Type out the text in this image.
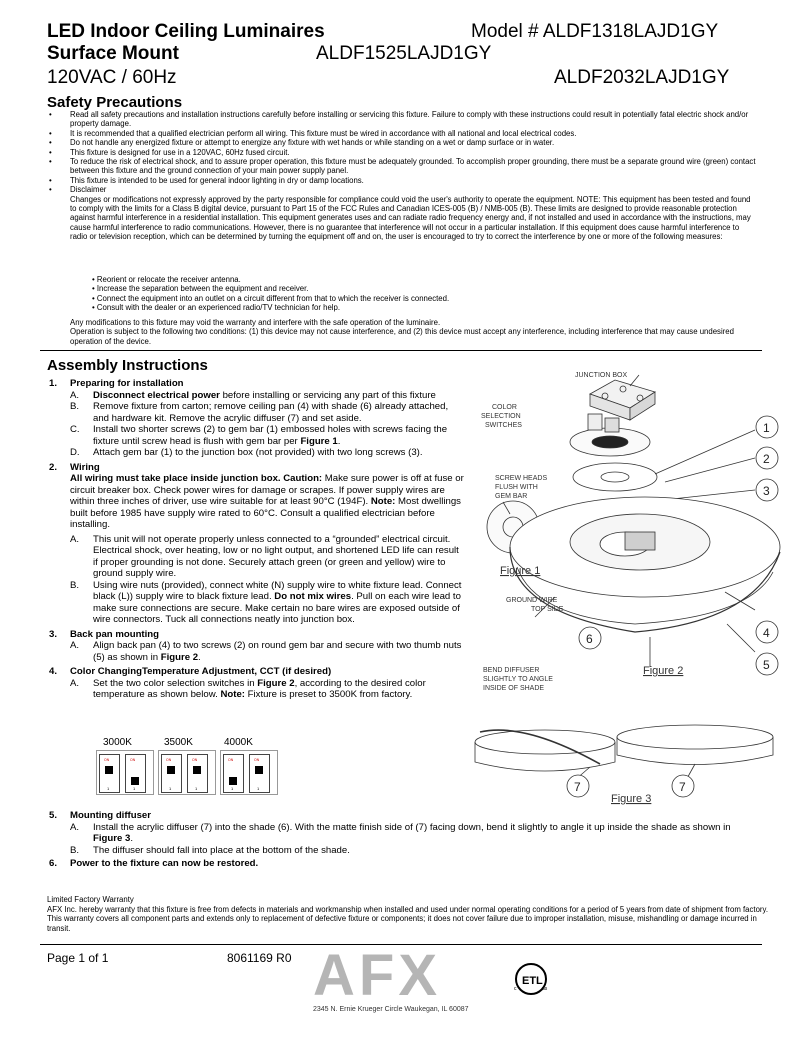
LED Indoor Ceiling Luminaires
Surface Mount
120VAC / 60Hz
Model # ALDF1318LAJD1GY
ALDF1525LAJD1GY
ALDF2032LAJD1GY
Safety Precautions
• Read all safety precautions and installation instructions carefully before installing or servicing this fixture. Failure to comply with these instructions could result in potentially fatal electric shock and/or property damage.
• It is recommended that a qualified electrician perform all wiring. This fixture must be wired in accordance with all national and local electrical codes.
• Do not handle any energized fixture or attempt to energize any fixture with wet hands or while standing on a wet or damp surface or in water.
• This fixture is designed for use in a 120VAC, 60Hz fused circuit.
• To reduce the risk of electrical shock, and to assure proper operation, this fixture must be adequately grounded. To accomplish proper grounding, there must be a separate ground wire (green) contact between this fixture and the ground connection of your main power supply panel.
• This fixture is intended to be used for general indoor lighting in dry or damp locations.
• Disclaimer
Changes or modifications not expressly approved by the party responsible for compliance could void the user's authority to operate the equipment. NOTE: This equipment has been tested and found to comply with the limits for a Class B digital device, pursuant to Part 15 of the FCC Rules and Canadian ICES-005 (B) / NMB-005 (B). These limits are designed to provide reasonable protection against harmful interference in a residential installation. This equipment generates uses and can radiate radio frequency energy and, if not installed and used in accordance with the instructions, may cause harmful interference to radio communications. However, there is no guarantee that interference will not occur in a particular installation. If this equipment does cause harmful interference to radio or television reception, which can be determined by turning the equipment off and on, the user is encouraged to try to correct the interference by one or more of the following measures:
• Reorient or relocate the receiver antenna.
• Increase the separation between the equipment and receiver.
• Connect the equipment into an outlet on a circuit different from that to which the receiver is connected.
• Consult with the dealer or an experienced radio/TV technician for help.
Any modifications to this fixture may void the warranty and interfere with the safe operation of the luminaire.
Operation is subject to the following two conditions: (1) this device may not cause interference, and (2) this device must accept any interference, including interference that may cause undesired operation of the device.
Assembly Instructions
1. Preparing for installation
A. Disconnect electrical power before installing or servicing any part of this fixture
B. Remove fixture from carton; remove ceiling pan (4) with shade (6) already attached, and hardware kit. Remove the acrylic diffuser (7) and set aside.
C. Install two shorter screws (2) to gem bar (1) embossed holes with screws facing the fixture until screw head is flush with gem bar per Figure 1.
D. Attach gem bar (1) to the junction box (not provided) with two long screws (3).
2. Wiring
All wiring must take place inside junction box. Caution: Make sure power is off at fuse or circuit breaker box. Check power wires for damage or scrapes. If power supply wires are within three inches of driver, use wire suitable for at least 90°C (194F). Note: Most dwellings built before 1985 have supply wire rated to 60°C. Consult a qualified electrician before installing.
A. This unit will not operate properly unless connected to a “grounded” electrical circuit. Electrical shock, over heating, low or no light output, and shortened LED life can result if proper grounding is not done. Securely attach green (or green and yellow) wire to ground supply wire.
B. Using wire nuts (provided), connect white (N) supply wire to white fixture lead. Connect black (L)) supply wire to black fixture lead. Do not mix wires. Pull on each wire lead to make sure connections are secure. Make certain no bare wires are exposed outside of wire connectors. Tuck all connections neatly into junction box.
3. Back pan mounting
A. Align back pan (4) to two screws (2) on round gem bar and secure with two thumb nuts (5) as shown in Figure 2.
4. Color ChangingTemperature Adjustment, CCT (if desired)
A. Set the two color selection switches in Figure 2, according to the desired color temperature as shown below. Note: Fixture is preset to 3500K from factory.
3000K	3500K	4000K
ON
1
ON
1
ON
1
ON
1
ON
1
ON
1
5. Mounting diffuser
A. Install the acrylic diffuser (7) into the shade (6). With the matte finish side of (7) facing down, bend it slightly to angle it up inside the shade as shown in Figure 3.
B. The diffuser should fall into place at the bottom of the shade.
6. Power to the fixture can now be restored.
1
2
3
4
5
6
7	7
JUNCTION BOX
COLOR
SELECTION
SWITCHES
SCREW HEADS
FLUSH WITH
GEM BAR
GROUND WIRE
TOP SIDE
BEND DIFFUSER
SLIGHTLY TO ANGLE
INSIDE OF SHADE
Figure 1
Figure 2
Figure 3
Limited Factory Warranty
AFX Inc. hereby warranty that this fixture is free from defects in materials and workmanship when installed and used under normal operating conditions for a period of 5 years from date of shipment from factory. This warranty covers all component parts and extends only to replacement of defective fixture or components; it does not cover failure due to improper installation, misuse, mishandling or damage incurred in transit.
Page 1 of 1	8061169 R0 AFX	ETL
c	us
2345 N. Ernie Krueger Circle Waukegan, IL 60087
